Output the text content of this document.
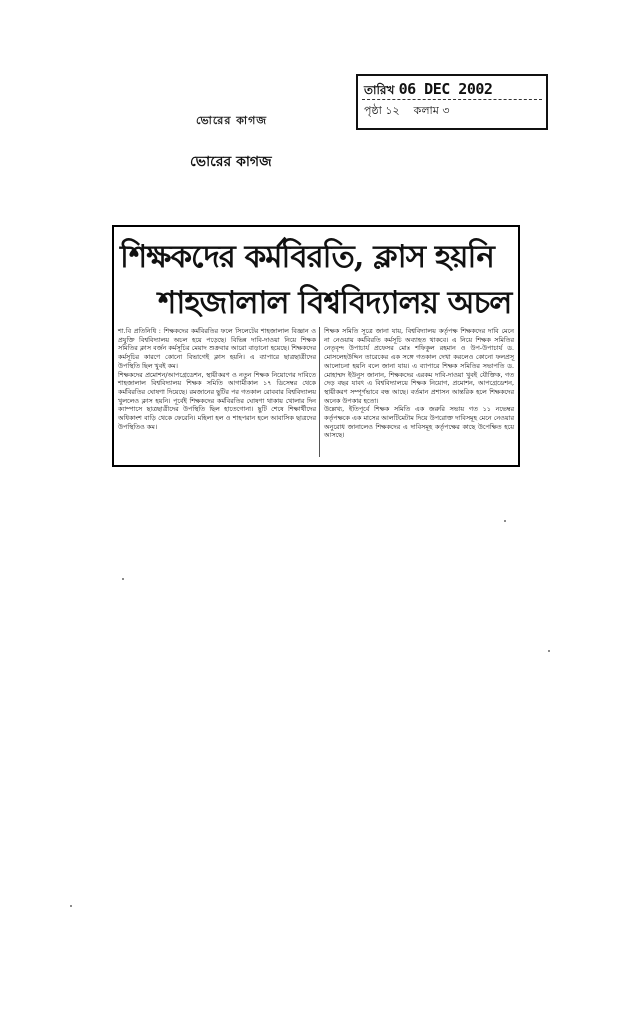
তারিখ 06 DEC 2002
পৃষ্ঠা ১২ কলাম ৩
ভোরের কাগজ
ভোরের কাগজ
শিক্ষকদের কর্মবিরতি, ক্লাস হয়নি
শাহজালাল বিশ্ববিদ্যালয় অচল

শা.বি প্রতিনিধি : শিক্ষকদের কর্মবিরতির ফলে সিলেটের শাহজালাল বিজ্ঞান ও প্রযুক্তি বিশ্ববিদ্যালয় অচল হয়ে পড়েছে। বিভিন্ন দাবি-দাওয়া নিয়ে শিক্ষক সমিতির ক্লাস বর্জন কর্মসূচির মেয়াদ শুক্রবার আরো বাড়ানো হয়েছে। শিক্ষকদের কর্মসূচির কারণে কোনো বিভাগেই ক্লাস হয়নি। এ ব্যাপারে ছাত্রছাত্রীদের উপস্থিতি ছিল খুবই কম।

শিক্ষকদের প্রমোশন/আপগ্রেডেশন, স্থায়ীকরণ ও নতুন শিক্ষক নিয়োগের দাবিতে শাহজালাল বিশ্ববিদ্যালয় শিক্ষক সমিতি আগামীকাল ১৭ ডিসেম্বর থেকে কর্মবিরতির ঘোষণা দিয়েছে। রমজানের ছুটির পর গতকাল রোববার বিশ্ববিদ্যালয় খুললেও ক্লাস হয়নি। পূর্বেই শিক্ষকদের কর্মবিরতির ঘোষণা থাকায় খোলার দিন ক্যাম্পাসে ছাত্রছাত্রীদের উপস্থিতি ছিল হাতেগোনা। ছুটি শেষে শিক্ষার্থীদের অধিকাংশ বাড়ি থেকে ফেরেনি। মহিলা হল ও শাহপরান হলে আবাসিক ছাত্রদের উপস্থিতিও কম।

শিক্ষক সমিতি সূত্রে জানা যায়, বিশ্ববিদ্যালয় কর্তৃপক্ষ শিক্ষকদের দাবি মেনে না নেওয়ায় কর্মবিরতি কর্মসূচি অব্যাহত থাকবে। এ নিয়ে শিক্ষক সমিতির নেতৃবৃন্দ উপাচার্য প্রফেসর মোঃ শফিকুল রহমান ও উপ-উপাচার্য ড. মোসলেহউদ্দিন তারেকের এক সঙ্গে গতকাল দেখা করলেও কোনো ফলপ্রসূ আলোচনা হয়নি বলে জানা যায়। এ ব্যাপারে শিক্ষক সমিতির সভাপতি ড. মোহাম্মদ ইউনুস জানান, শিক্ষকদের এরকম দাবি-দাওয়া খুবই যৌক্তিক, গত দেড় বছর যাবৎ এ বিশ্ববিদ্যালয়ে শিক্ষক নিয়োগ, প্রমোশন, আপগ্রেডেশন, স্থায়ীকরণ সম্পূর্ণভাবে বন্ধ আছে। বর্তমান প্রশাসন আন্তরিক হলে শিক্ষকদের অনেক উপকার হতো।

উল্লেখ্য, ইতিপূর্বে শিক্ষক সমিতি এক জরুরি সভায় গত ১১ নভেম্বর কর্তৃপক্ষকে এক মাসের আলটিমেটাম দিয়ে উপরোক্ত দাবিসমূহ মেনে নেওয়ার অনুরোধ জানালেও শিক্ষকদের এ দাবিসমূহ কর্তৃপক্ষের কাছে উপেক্ষিত হয়ে আসছে।
